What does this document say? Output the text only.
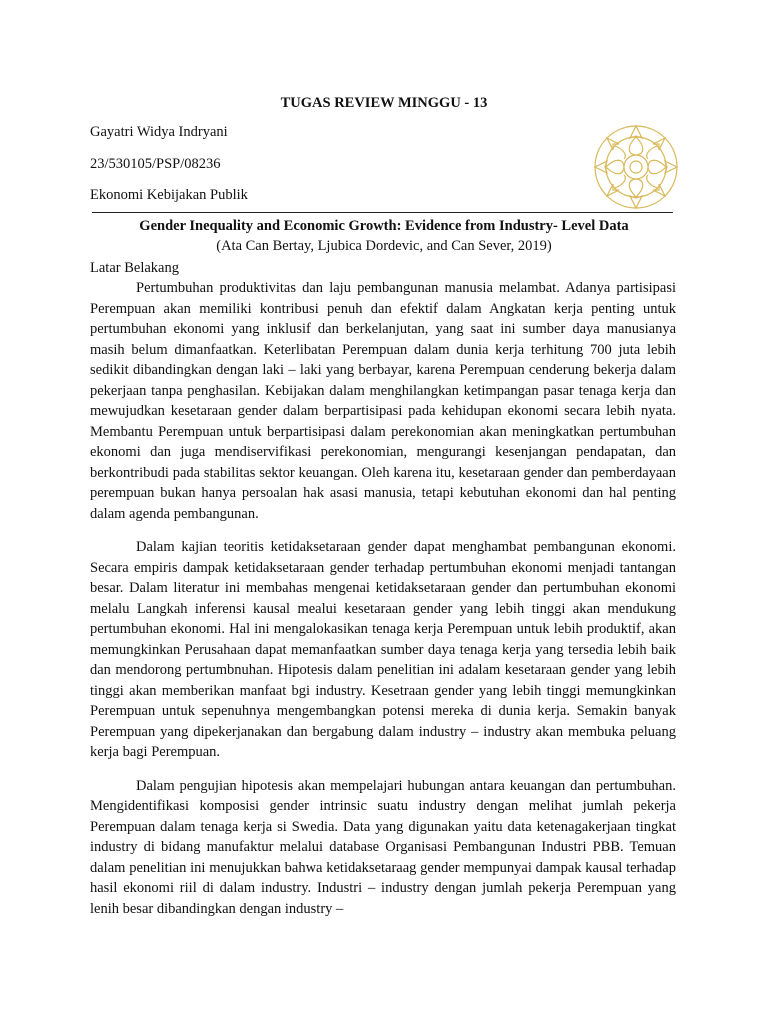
TUGAS REVIEW MINGGU - 13
Gayatri Widya Indryani
23/530105/PSP/08236
Ekonomi Kebijakan Publik
Gender Inequality and Economic Growth: Evidence from Industry- Level Data
(Ata Can Bertay, Ljubica Dordevic, and Can Sever, 2019)
Latar Belakang

Pertumbuhan produktivitas dan laju pembangunan manusia melambat. Adanya partisipasi Perempuan akan memiliki kontribusi penuh dan efektif dalam Angkatan kerja penting untuk pertumbuhan ekonomi yang inklusif dan berkelanjutan, yang saat ini sumber daya manusianya masih belum dimanfaatkan. Keterlibatan Perempuan dalam dunia kerja terhitung 700 juta lebih sedikit dibandingkan dengan laki – laki yang berbayar, karena Perempuan cenderung bekerja dalam pekerjaan tanpa penghasilan. Kebijakan dalam menghilangkan ketimpangan pasar tenaga kerja dan mewujudkan kesetaraan gender dalam berpartisipasi pada kehidupan ekonomi secara lebih nyata. Membantu Perempuan untuk berpartisipasi dalam perekonomian akan meningkatkan pertumbuhan ekonomi dan juga mendiservifikasi perekonomian, mengurangi kesenjangan pendapatan, dan berkontribudi pada stabilitas sektor keuangan. Oleh karena itu, kesetaraan gender dan pemberdayaan perempuan bukan hanya persoalan hak asasi manusia, tetapi kebutuhan ekonomi dan hal penting dalam agenda pembangunan.

Dalam kajian teoritis ketidaksetaraan gender dapat menghambat pembangunan ekonomi. Secara empiris dampak ketidaksetaraan gender terhadap pertumbuhan ekonomi menjadi tantangan besar. Dalam literatur ini membahas mengenai ketidaksetaraan gender dan pertumbuhan ekonomi melalu Langkah inferensi kausal mealui kesetaraan gender yang lebih tinggi akan mendukung pertumbuhan ekonomi. Hal ini mengalokasikan tenaga kerja Perempuan untuk lebih produktif, akan memungkinkan Perusahaan dapat memanfaatkan sumber daya tenaga kerja yang tersedia lebih baik dan mendorong pertumbnuhan. Hipotesis dalam penelitian ini adalam kesetaraan gender yang lebih tinggi akan memberikan manfaat bgi industry. Kesetraan gender yang lebih tinggi memungkinkan Perempuan untuk sepenuhnya mengembangkan potensi mereka di dunia kerja. Semakin banyak Perempuan yang dipekerjanakan dan bergabung dalam industry – industry akan membuka peluang kerja bagi Perempuan.

Dalam pengujian hipotesis akan mempelajari hubungan antara keuangan dan pertumbuhan. Mengidentifikasi komposisi gender intrinsic suatu industry dengan melihat jumlah pekerja Perempuan dalam tenaga kerja si Swedia. Data yang digunakan yaitu data ketenagakerjaan tingkat industry di bidang manufaktur melalui database Organisasi Pembangunan Industri PBB. Temuan dalam penelitian ini menujukkan bahwa ketidaksetaraag gender mempunyai dampak kausal terhadap hasil ekonomi riil di dalam industry. Industri – industry dengan jumlah pekerja Perempuan yang lenih besar dibandingkan dengan industry –
